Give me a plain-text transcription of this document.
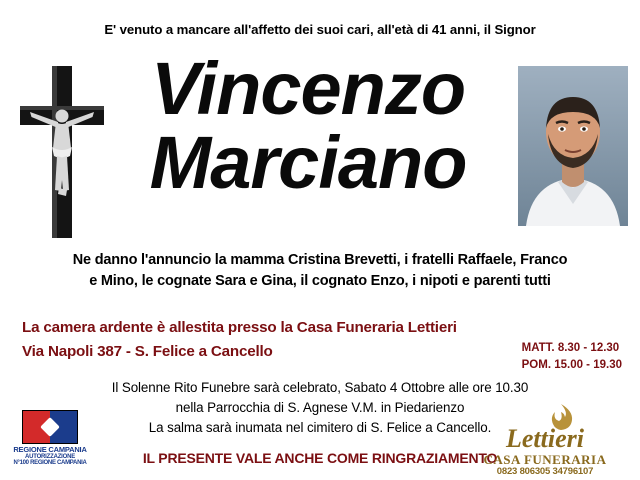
E' venuto a mancare all'affetto dei suoi cari, all'età di 41 anni, il Signor
Vincenzo
Marciano
Ne danno l'annuncio la mamma Cristina Brevetti, i fratelli Raffaele, Franco
e Mino, le cognate Sara e Gina, il cognato Enzo, i nipoti e parenti tutti
La camera ardente è allestita presso la Casa Funeraria Lettieri
Via Napoli 387 - S. Felice a Cancello	MATT. 8.30 - 12.30
POM. 15.00 - 19.30
Il Solenne Rito Funebre sarà celebrato, Sabato 4 Ottobre alle ore 10.30
nella Parrocchia di S. Agnese V.M. in Piedarienzo
La salma sarà inumata nel cimitero di S. Felice a Cancello.
IL PRESENTE VALE ANCHE COME RINGRAZIAMENTO
REGIONE CAMPANIA
AUTORIZZAZIONE
N°100 REGIONE CAMPANIA
Lettieri
CASA FUNERARIA
0823 806305 34796107
